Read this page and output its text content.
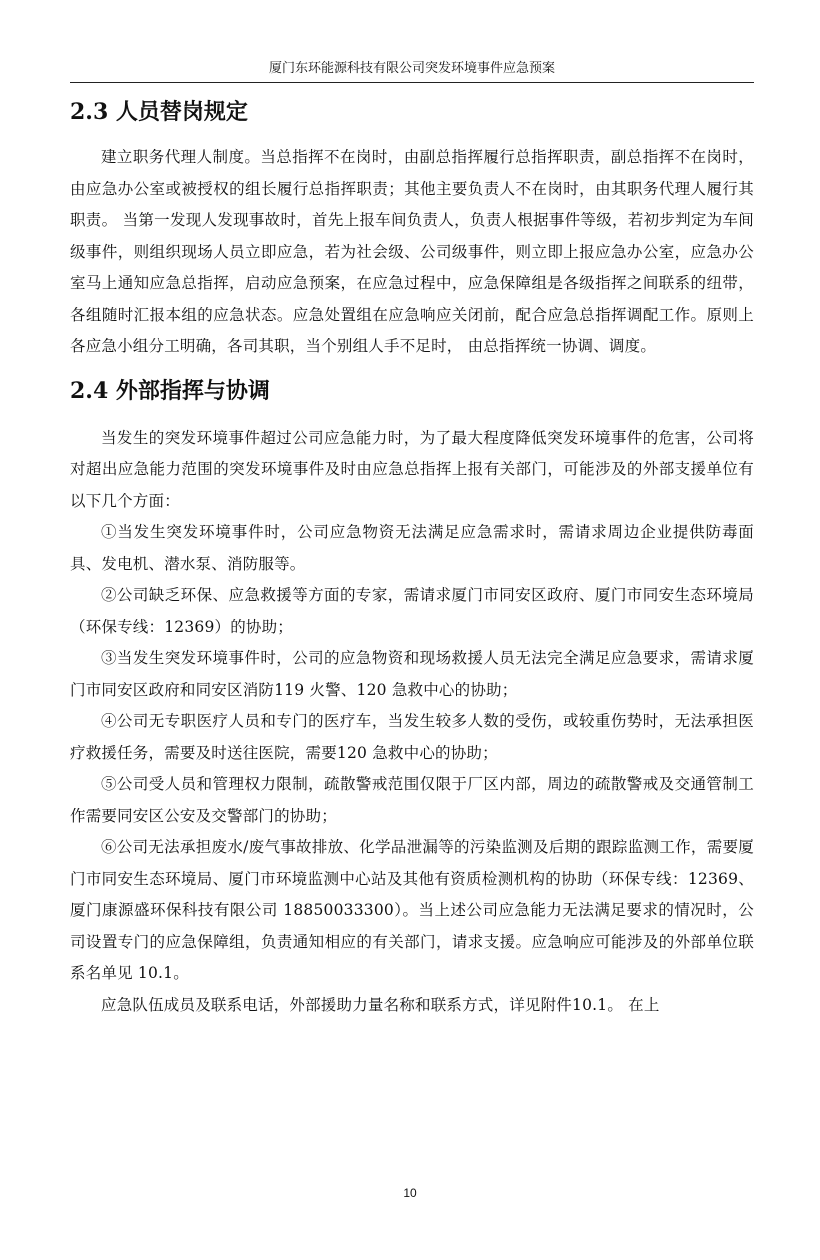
厦门东环能源科技有限公司突发环境事件应急预案
2.3 人员替岗规定

建立职务代理人制度。当总指挥不在岗时，由副总指挥履行总指挥职责，副总指挥不在岗时，由应急办公室或被授权的组长履行总指挥职责；其他主要负责人不在岗时，由其职务代理人履行其职责。 当第一发现人发现事故时，首先上报车间负责人，负责人根据事件等级，若初步判定为车间级事件，则组织现场人员立即应急，若为社会级、公司级事件，则立即上报应急办公室，应急办公室马上通知应急总指挥，启动应急预案，在应急过程中，应急保障组是各级指挥之间联系的纽带，各组随时汇报本组的应急状态。应急处置组在应急响应关闭前，配合应急总指挥调配工作。原则上各应急小组分工明确，各司其职，当个别组人手不足时， 由总指挥统一协调、调度。

2.4 外部指挥与协调

当发生的突发环境事件超过公司应急能力时，为了最大程度降低突发环境事件的危害，公司将对超出应急能力范围的突发环境事件及时由应急总指挥上报有关部门，可能涉及的外部支援单位有以下几个方面：

①当发生突发环境事件时，公司应急物资无法满足应急需求时，需请求周边企业提供防毒面具、发电机、潜水泵、消防服等。

②公司缺乏环保、应急救援等方面的专家，需请求厦门市同安区政府、厦门市同安生态环境局（环保专线：12369）的协助；

③当发生突发环境事件时，公司的应急物资和现场救援人员无法完全满足应急要求，需请求厦门市同安区政府和同安区消防119 火警、120 急救中心的协助；

④公司无专职医疗人员和专门的医疗车，当发生较多人数的受伤，或较重伤势时，无法承担医疗救援任务，需要及时送往医院，需要120 急救中心的协助；

⑤公司受人员和管理权力限制，疏散警戒范围仅限于厂区内部，周边的疏散警戒及交通管制工作需要同安区公安及交警部门的协助；

⑥公司无法承担废水/废气事故排放、化学品泄漏等的污染监测及后期的跟踪监测工作，需要厦门市同安生态环境局、厦门市环境监测中心站及其他有资质检测机构的协助（环保专线：12369、厦门康源盛环保科技有限公司 18850033300）。当上述公司应急能力无法满足要求的情况时，公司设置专门的应急保障组，负责通知相应的有关部门，请求支援。应急响应可能涉及的外部单位联系名单见 10.1。

应急队伍成员及联系电话，外部援助力量名称和联系方式，详见附件10.1。 在上

10
